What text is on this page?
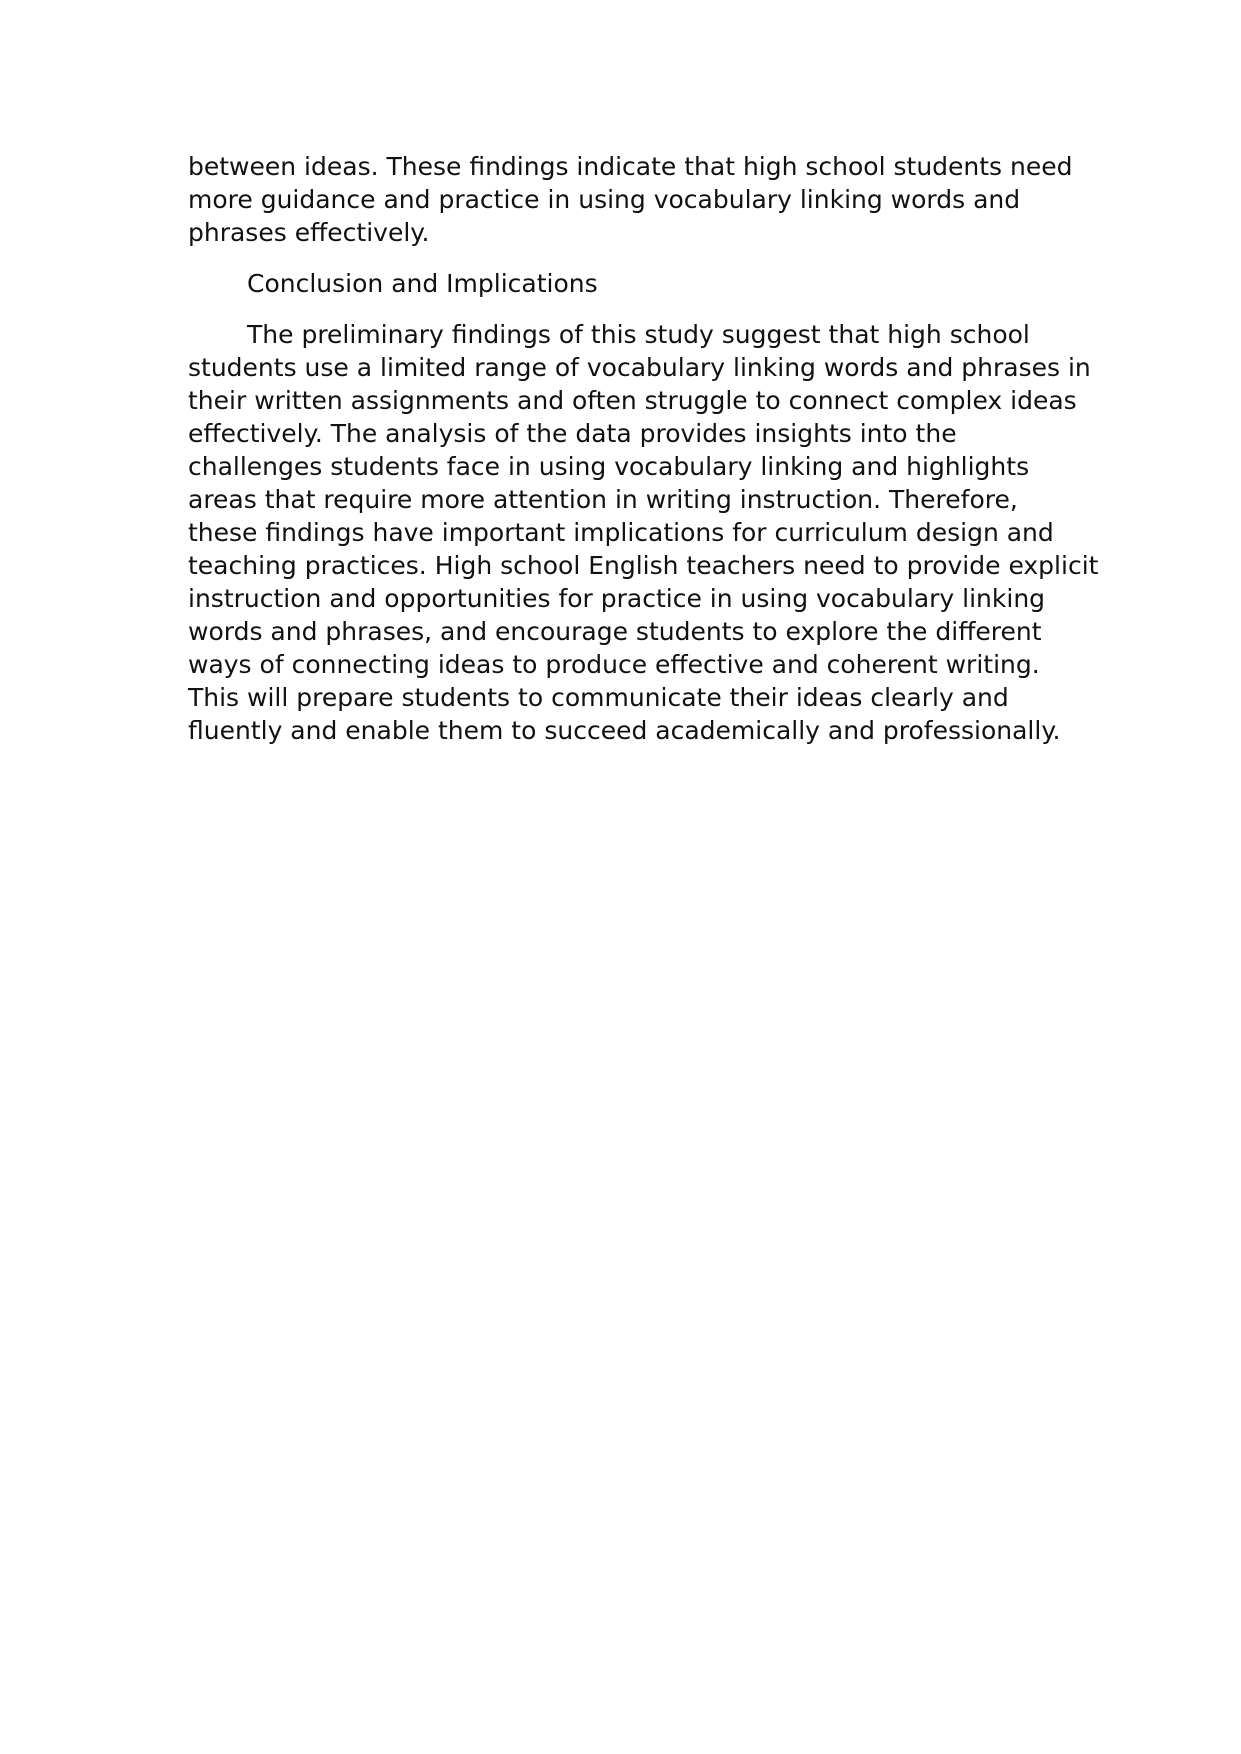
between ideas. These findings indicate that high school students need
more guidance and practice in using vocabulary linking words and
phrases effectively.

Conclusion and Implications

The preliminary findings of this study suggest that high school
students use a limited range of vocabulary linking words and phrases in
their written assignments and often struggle to connect complex ideas
effectively. The analysis of the data provides insights into the
challenges students face in using vocabulary linking and highlights
areas that require more attention in writing instruction. Therefore,
these findings have important implications for curriculum design and
teaching practices. High school English teachers need to provide explicit
instruction and opportunities for practice in using vocabulary linking
words and phrases, and encourage students to explore the different
ways of connecting ideas to produce effective and coherent writing.
This will prepare students to communicate their ideas clearly and
fluently and enable them to succeed academically and professionally.
